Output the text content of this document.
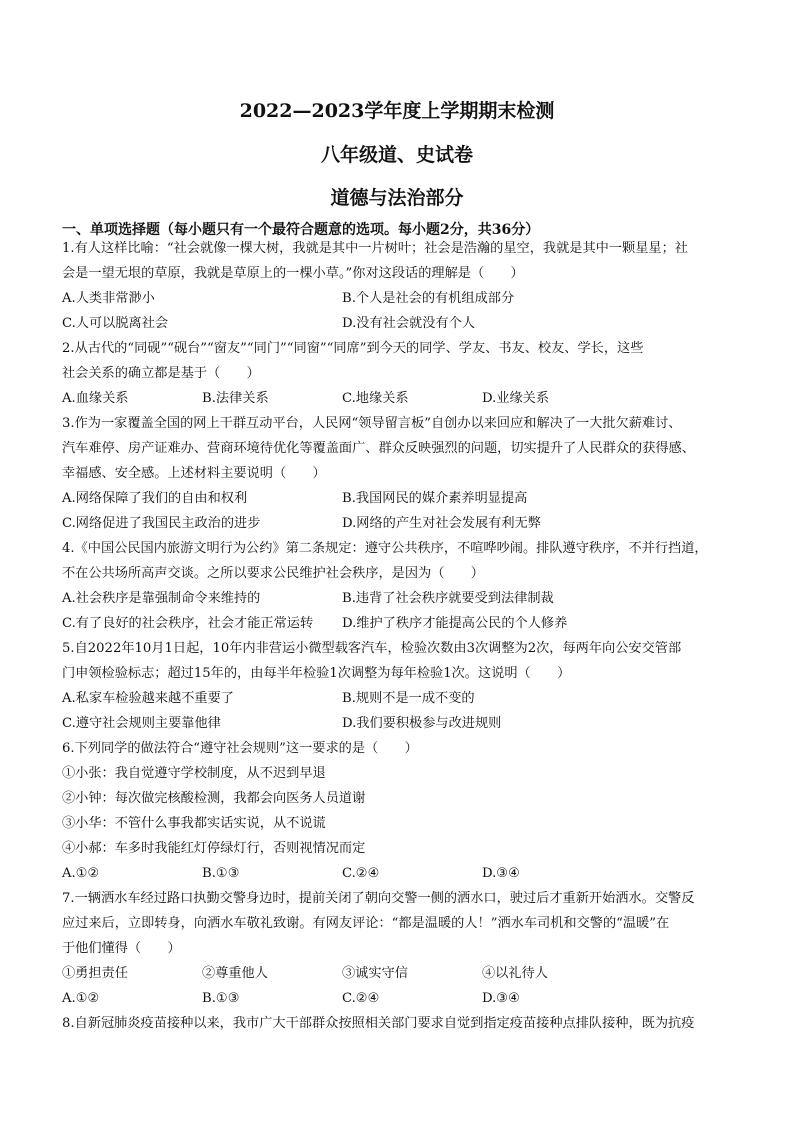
2022—2023学年度上学期期末检测
八年级道、史试卷
道德与法治部分
一、单项选择题（每小题只有一个最符合题意的选项。每小题2分，共36分）
1.有人这样比喻：“社会就像一棵大树，我就是其中一片树叶；社会是浩瀚的星空，我就是其中一颗星星；社
会是一望无垠的草原，我就是草原上的一棵小草。”你对这段话的理解是（　　）
A.人类非常渺小	B.个人是社会的有机组成部分
C.人可以脱离社会	D.没有社会就没有个人
2.从古代的“同砚”“砚台”“窗友”“同门”“同窗”“同席”到今天的同学、学友、书友、校友、学长，这些
社会关系的确立都是基于（　　）
A.血缘关系	B.法律关系	C.地缘关系	D.业缘关系
3.作为一家覆盖全国的网上干群互动平台，人民网“领导留言板”自创办以来回应和解决了一大批欠薪难讨、
汽车难停、房产证难办、营商环境待优化等覆盖面广、群众反映强烈的问题，切实提升了人民群众的获得感、
幸福感、安全感。上述材料主要说明（　　）
A.网络保障了我们的自由和权利	B.我国网民的媒介素养明显提高
C.网络促进了我国民主政治的进步	D.网络的产生对社会发展有利无弊
4.《中国公民国内旅游文明行为公约》第二条规定：遵守公共秩序，不喧哗吵闹。排队遵守秩序，不并行挡道，
不在公共场所高声交谈。之所以要求公民维护社会秩序，是因为（　　）
A.社会秩序是靠强制命令来维持的	B.违背了社会秩序就要受到法律制裁
C.有了良好的社会秩序，社会才能正常运转 D.维护了秩序才能提高公民的个人修养
5.自2022年10月1日起，10年内非营运小微型载客汽车，检验次数由3次调整为2次，每两年向公安交管部
门申领检验标志；超过15年的，由每半年检验1次调整为每年检验1次。这说明（　　）
A.私家车检验越来越不重要了	B.规则不是一成不变的
C.遵守社会规则主要靠他律	D.我们要积极参与改进规则
6.下列同学的做法符合“遵守社会规则”这一要求的是（　　）
①小张：我自觉遵守学校制度，从不迟到早退
②小钟：每次做完核酸检测，我都会向医务人员道谢
③小华：不管什么事我都实话实说，从不说谎
④小郝：车多时我能红灯停绿灯行，否则视情况而定
A.①②	B.①③	C.②④	D.③④
7.一辆洒水车经过路口执勤交警身边时，提前关闭了朝向交警一侧的洒水口，驶过后才重新开始洒水。交警反
应过来后，立即转身，向洒水车敬礼致谢。有网友评论：“都是温暖的人！”洒水车司机和交警的“温暖”在
于他们懂得（　　）
①勇担责任	②尊重他人	③诚实守信	④以礼待人
A.①②	B.①③	C.②④	D.③④
8.自新冠肺炎疫苗接种以来，我市广大干部群众按照相关部门要求自觉到指定疫苗接种点排队接种，既为抗疫
